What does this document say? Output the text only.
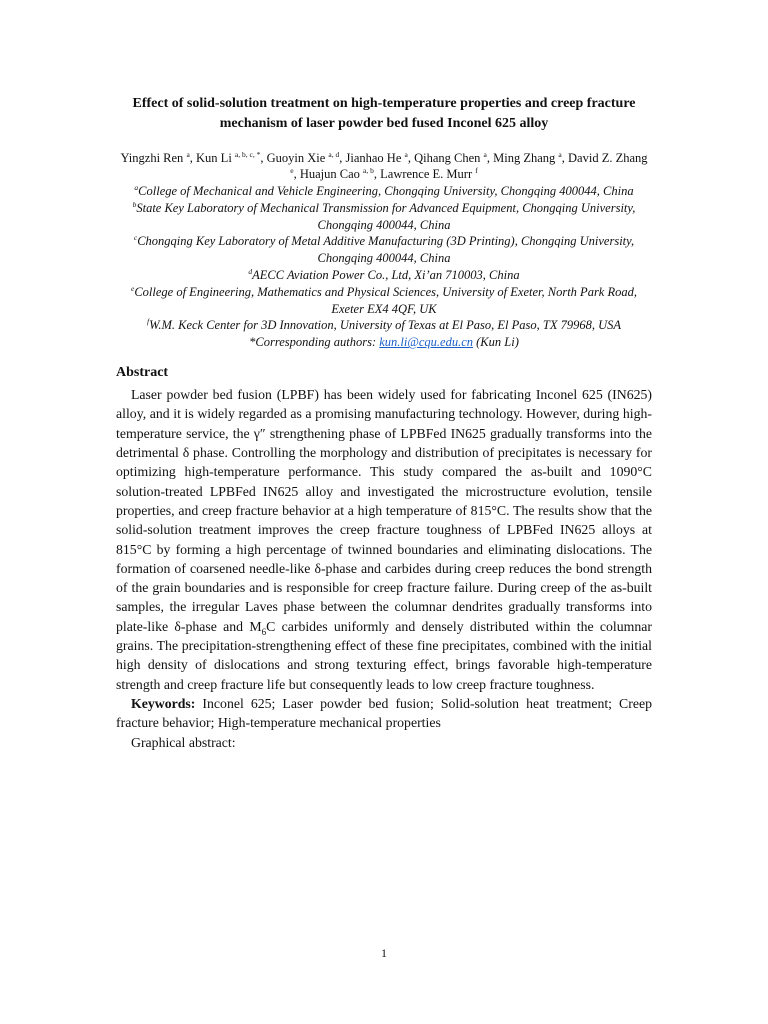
Effect of solid-solution treatment on high-temperature properties and creep fracture mechanism of laser powder bed fused Inconel 625 alloy
Yingzhi Ren $^a$, Kun Li $^{a, b, c, *}$, Guoyin Xie $^{a, d}$, Jianhao He $^a$, Qihang Chen $^a$, Ming Zhang $^a$, David Z. Zhang $^e$, Huajun Cao $^{a, b}$, Lawrence E. Murr $^f$
$^a$College of Mechanical and Vehicle Engineering, Chongqing University, Chongqing 400044, China
$^b$State Key Laboratory of Mechanical Transmission for Advanced Equipment, Chongqing University, Chongqing 400044, China
$^c$Chongqing Key Laboratory of Metal Additive Manufacturing (3D Printing), Chongqing University, Chongqing 400044, China
$^d$AECC Aviation Power Co., Ltd, Xi’an 710003, China
$^e$College of Engineering, Mathematics and Physical Sciences, University of Exeter, North Park Road, Exeter EX4 4QF, UK
$^f$W.M. Keck Center for 3D Innovation, University of Texas at El Paso, El Paso, TX 79968, USA
*Corresponding authors: kun.li@cqu.edu.cn (Kun Li)
Abstract
Laser powder bed fusion (LPBF) has been widely used for fabricating Inconel 625 (IN625) alloy, and it is widely regarded as a promising manufacturing technology. However, during high-temperature service, the γ″ strengthening phase of LPBFed IN625 gradually transforms into the detrimental δ phase. Controlling the morphology and distribution of precipitates is necessary for optimizing high-temperature performance. This study compared the as-built and 1090°C solution-treated LPBFed IN625 alloy and investigated the microstructure evolution, tensile properties, and creep fracture behavior at a high temperature of 815°C. The results show that the solid-solution treatment improves the creep fracture toughness of LPBFed IN625 alloys at 815°C by forming a high percentage of twinned boundaries and eliminating dislocations. The formation of coarsened needle-like δ-phase and carbides during creep reduces the bond strength of the grain boundaries and is responsible for creep fracture failure. During creep of the as-built samples, the irregular Laves phase between the columnar dendrites gradually transforms into plate-like δ-phase and $M_6C$ carbides uniformly and densely distributed within the columnar grains. The precipitation-strengthening effect of these fine precipitates, combined with the initial high density of dislocations and strong texturing effect, brings favorable high-temperature strength and creep fracture life but consequently leads to low creep fracture toughness.
Keywords: Inconel 625; Laser powder bed fusion; Solid-solution heat treatment; Creep fracture behavior; High-temperature mechanical properties
Graphical abstract:
1
